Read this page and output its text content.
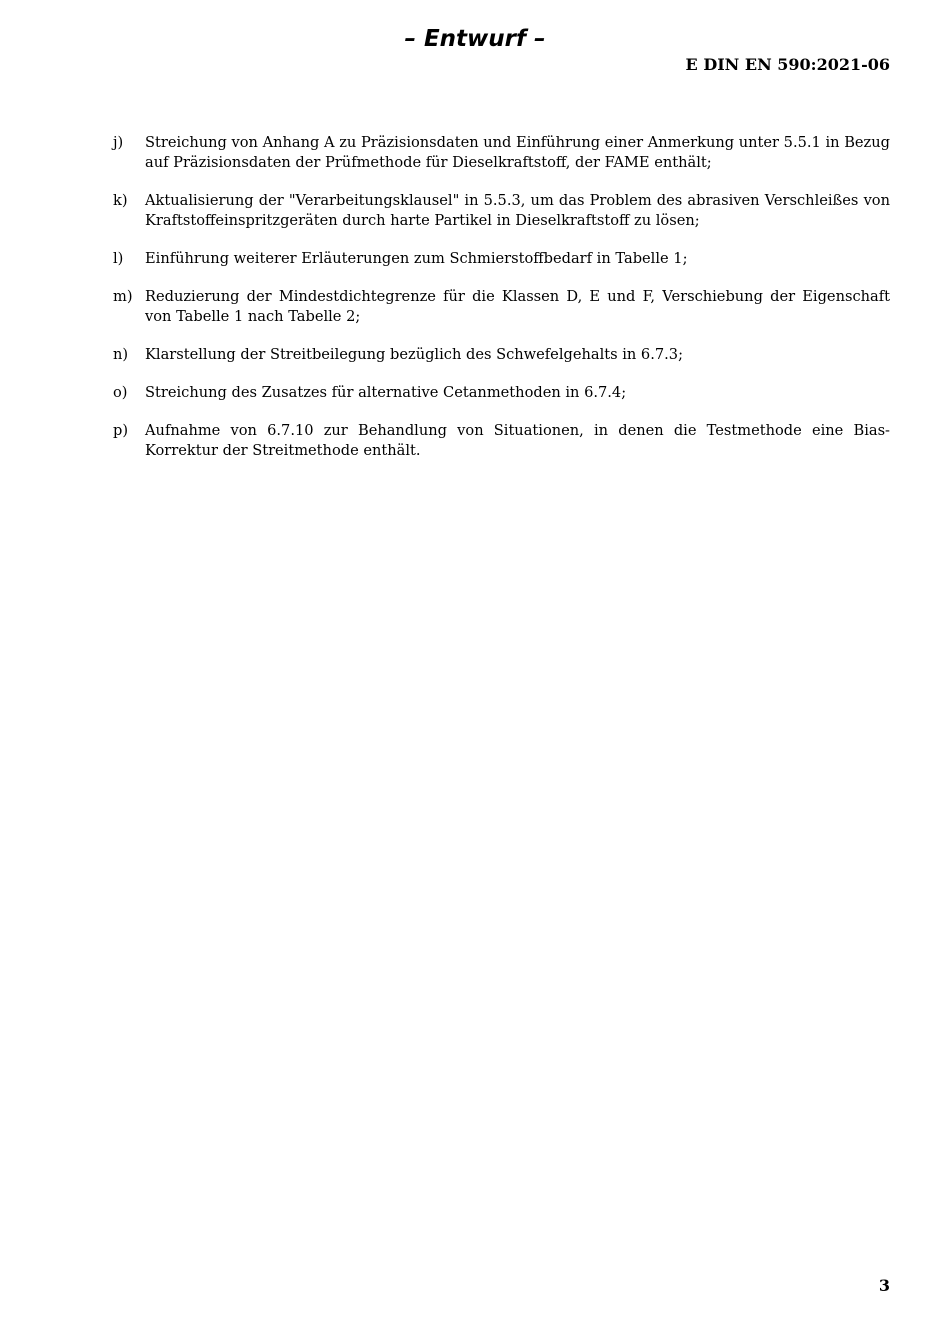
– Entwurf –
E DIN EN 590:2021-06
j)	Streichung von Anhang A zu Präzisionsdaten und Einführung einer Anmerkung unter 5.5.1 in Bezug auf Präzisionsdaten der Prüfmethode für Dieselkraftstoff, der FAME enthält;
k)	Aktualisierung der "Verarbeitungsklausel" in 5.5.3, um das Problem des abrasiven Verschleißes von Kraftstoffeinspritzgeräten durch harte Partikel in Dieselkraftstoff zu lösen;
l)	Einführung weiterer Erläuterungen zum Schmierstoffbedarf in Tabelle 1;
m) Reduzierung der Mindestdichtegrenze für die Klassen D, E und F, Verschiebung der Eigenschaft von Tabelle 1 nach Tabelle 2;
n)	Klarstellung der Streitbeilegung bezüglich des Schwefelgehalts in 6.7.3;
o)	Streichung des Zusatzes für alternative Cetanmethoden in 6.7.4;
p)	Aufnahme von 6.7.10 zur Behandlung von Situationen, in denen die Testmethode eine Bias-Korrektur der Streitmethode enthält.
3
